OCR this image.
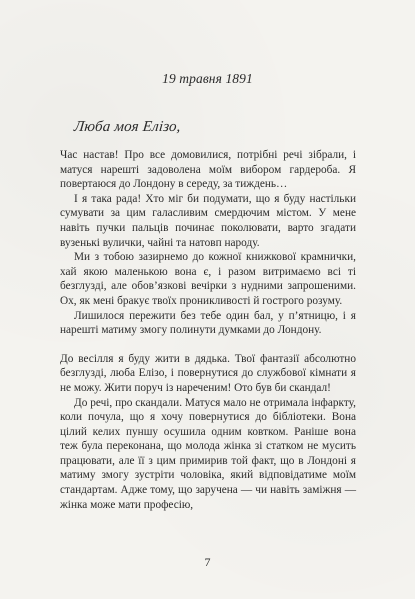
19 травня 1891
Люба моя Елізо,

Час настав! Про все домовилися, потрібні речі зібрали, і матуся нарешті задоволена моїм вибором гардероба. Я повертаюся до Лондону в середу, за тиждень…

І я така рада! Хто міг би подумати, що я буду настільки сумувати за цим галасливим смердючим містом. У мене навіть пучки пальців починає поколювати, варто згадати вузенькі вулички, чайні та натовп народу.

Ми з тобою зазирнемо до кожної книжкової крамнички, хай якою маленькою вона є, і разом витримаємо всі ті безглузді, але обов’язкові вечірки з нудними запрошеними. Ох, як мені бракує твоїх проникливості й гострого розуму.

Лишилося пережити без тебе один бал, у п’ятницю, і я нарешті матиму змогу полинути думками до Лондону.

До весілля я буду жити в дядька. Твої фантазії абсолютно безглузді, люба Елізо, і повернутися до службової кімнати я не можу. Жити поруч із нареченим! Ото був би скандал!

До речі, про скандали. Матуся мало не отримала інфаркту, коли почула, що я хочу повернутися до бібліотеки. Вона цілий келих пуншу осушила одним ковтком. Раніше вона теж була переконана, що молода жінка зі статком не мусить працювати, але її з цим примирив той факт, що в Лондоні я матиму змогу зустріти чоловіка, який відповідатиме моїм стандартам. Адже тому, що заручена — чи навіть заміжня — жінка може мати професію,

7
